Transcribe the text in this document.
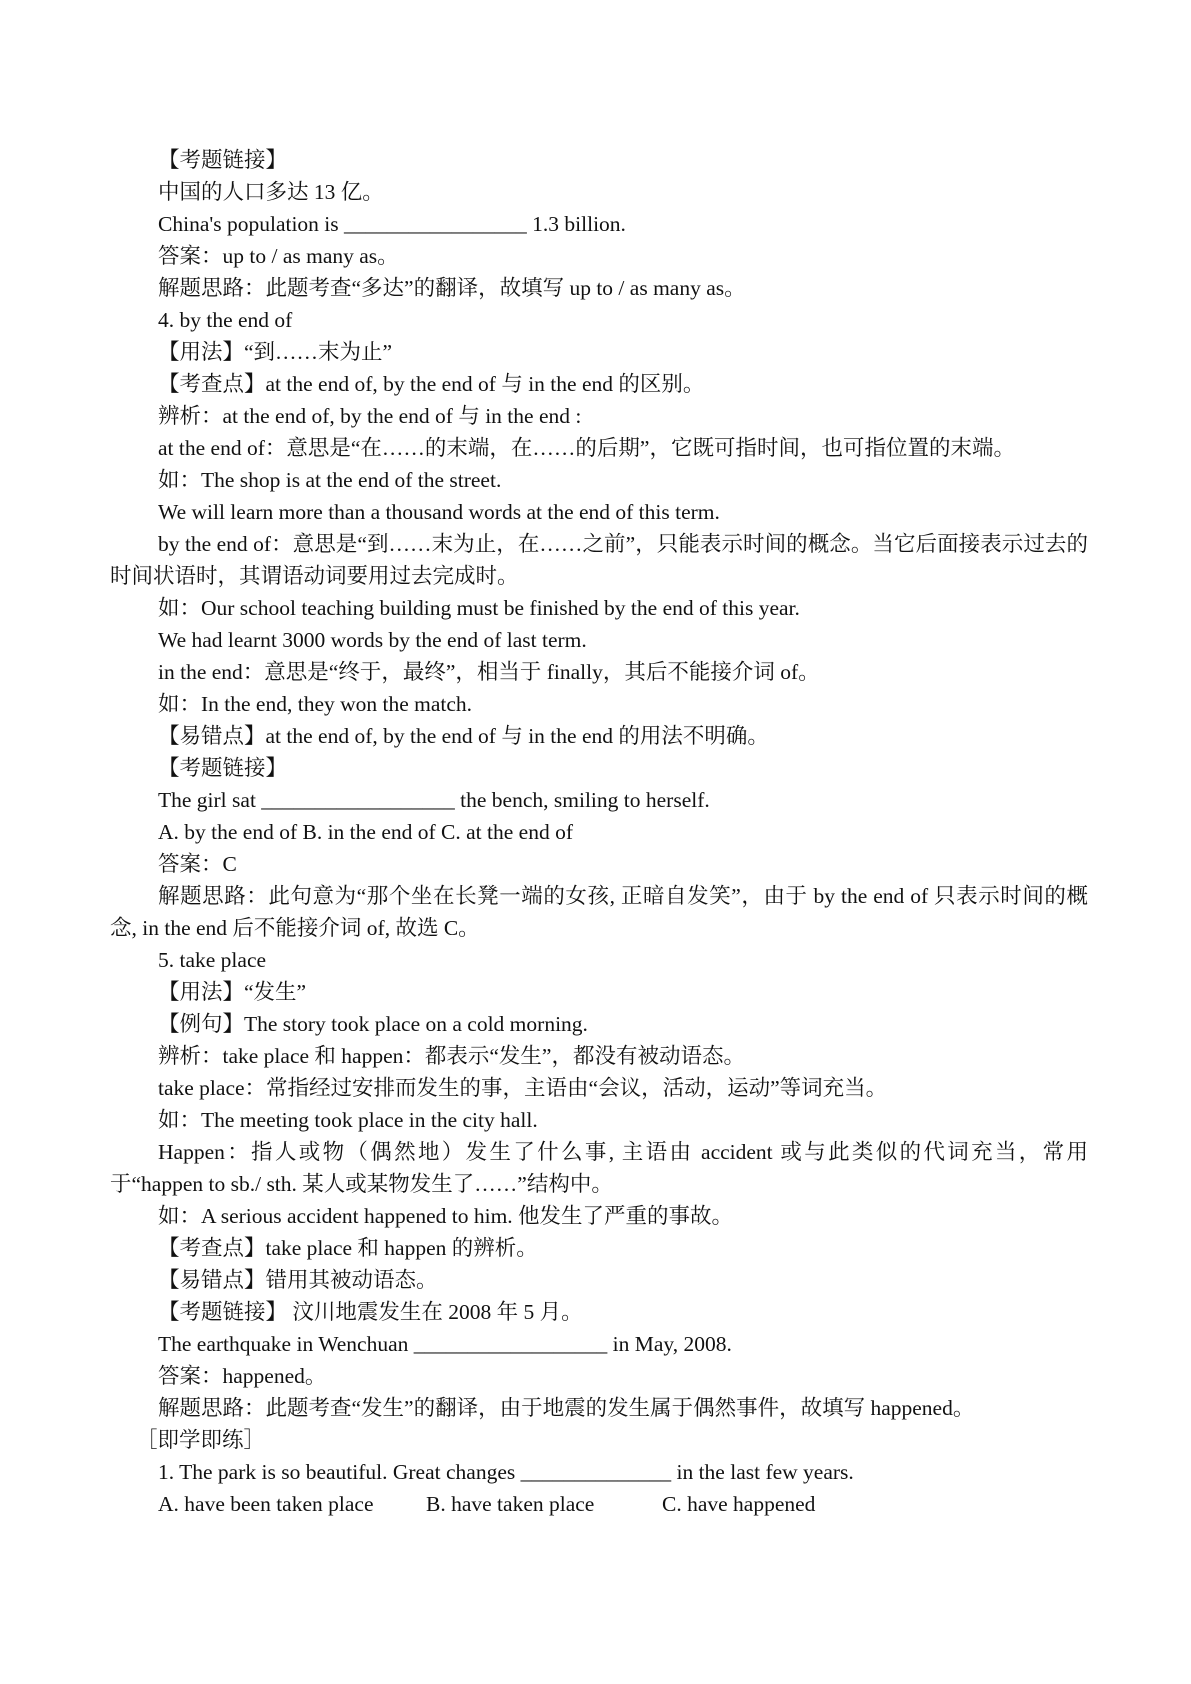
【考题链接】
中国的人口多达 13 亿。
China's population is _________________ 1.3 billion.
答案：up to / as many as。
解题思路：此题考查“多达”的翻译，故填写 up to / as many as。
4. by the end of
【用法】“到……末为止”
【考查点】at the end of, by the end of 与 in the end 的区别。
辨析：at the end of, by the end of 与 in the end :
at the end of：意思是“在……的末端，在……的后期”，它既可指时间，也可指位置的末端。
如：The shop is at the end of the street.
We will learn more than a thousand words at the end of this term.
by the end of：意思是“到……末为止，在……之前”，只能表示时间的概念。当它后面接表示过去的时间状语时，其谓语动词要用过去完成时。
如：Our school teaching building must be finished by the end of this year.
We had learnt 3000 words by the end of last term.
in the end：意思是“终于，最终”，相当于 finally，其后不能接介词 of。
如：In the end, they won the match.
【易错点】at the end of, by the end of 与 in the end 的用法不明确。
【考题链接】
The girl sat __________________ the bench, smiling to herself.
A. by the end of B. in the end of C. at the end of
答案：C
解题思路：此句意为“那个坐在长凳一端的女孩, 正暗自发笑”，由于 by the end of 只表示时间的概念, in the end 后不能接介词 of, 故选 C。
5. take place
【用法】“发生”
【例句】The story took place on a cold morning.
辨析：take place 和 happen：都表示“发生”，都没有被动语态。
take place：常指经过安排而发生的事，主语由“会议，活动，运动”等词充当。
如：The meeting took place in the city hall.
Happen：指人或物（偶然地）发生了什么事, 主语由 accident 或与此类似的代词充当，常用于“happen to sb./ sth. 某人或某物发生了……”结构中。
如：A serious accident happened to him. 他发生了严重的事故。
【考查点】take place 和 happen 的辨析。
【易错点】错用其被动语态。
【考题链接】 汶川地震发生在 2008 年 5 月。
The earthquake in Wenchuan __________________ in May, 2008.
答案：happened。
解题思路：此题考查“发生”的翻译，由于地震的发生属于偶然事件，故填写 happened。
［即学即练］
1. The park is so beautiful. Great changes ______________ in the last few years.
A. have been taken place B. have taken place	C. have happened
